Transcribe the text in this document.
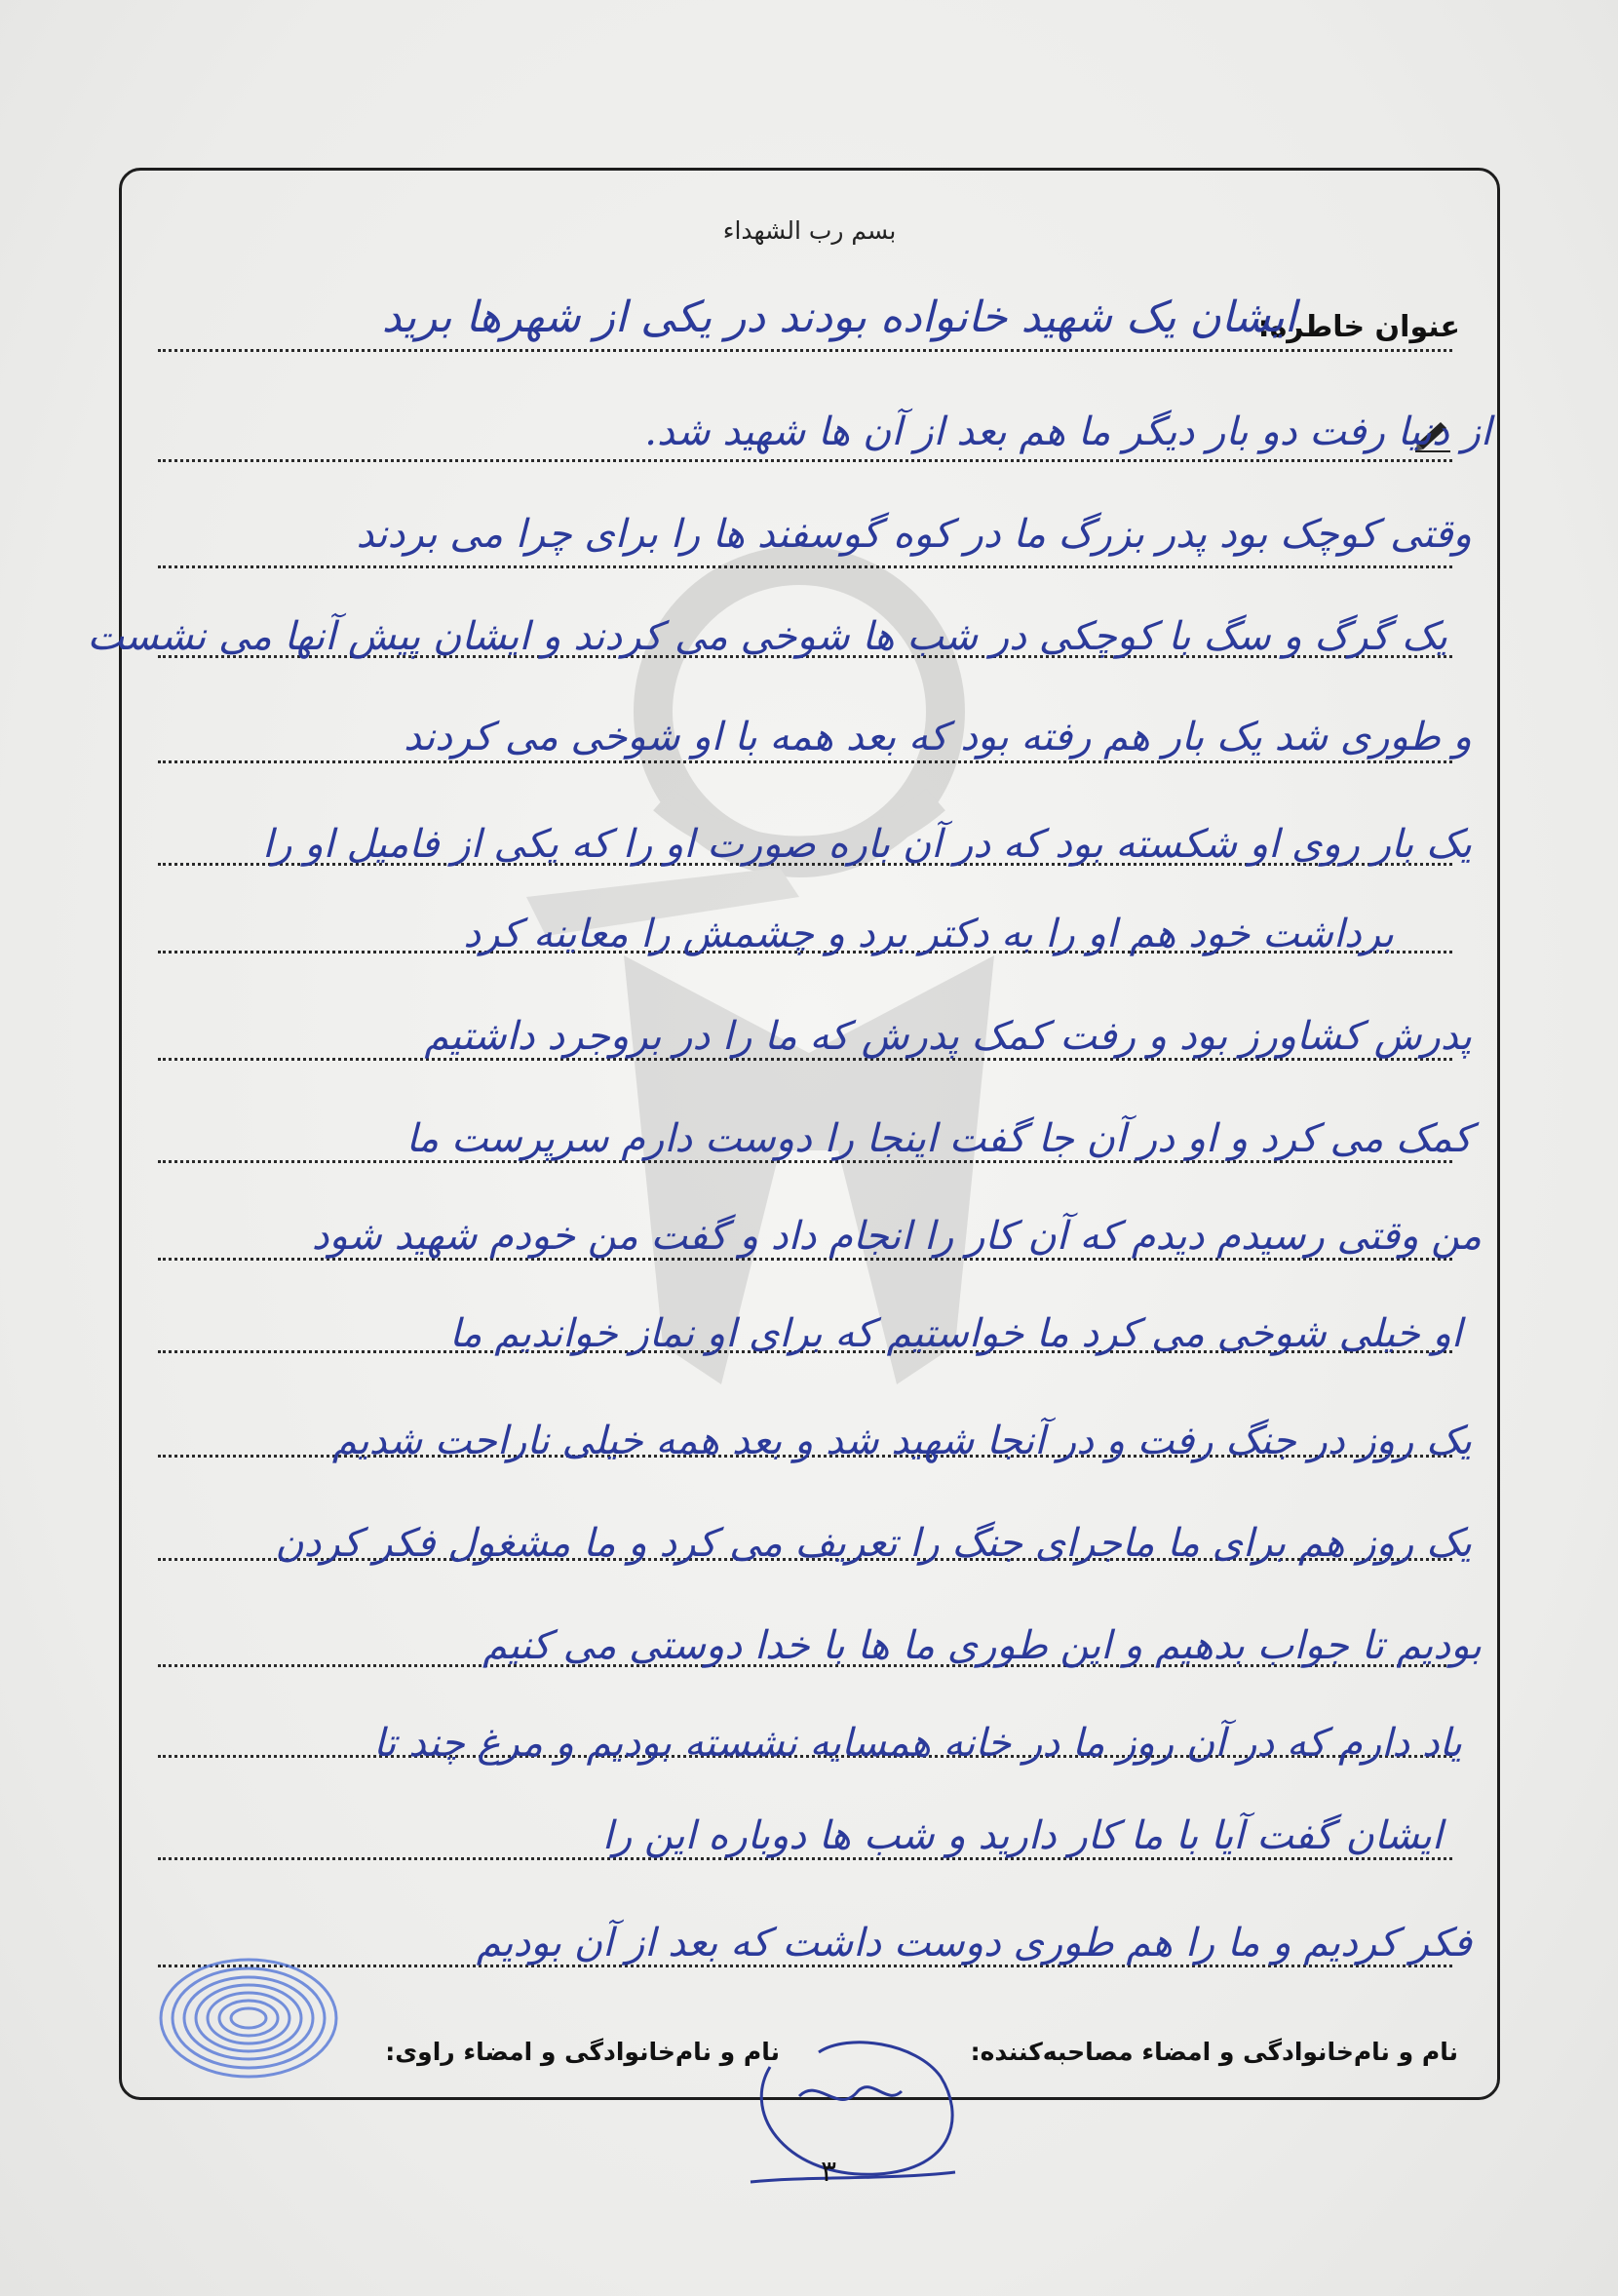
بسم رب الشهداء
عنوان خاطره:
ایشان یک شهید خانواده بودند در یکی از شهرها برید
از دنیا رفت دو بار دیگر ما هم بعد از آن ها شهید شد.
وقتی کوچک بود پدر بزرگ ما در کوه گوسفند ها را برای چرا می بردند
یک گرگ و سگ با کوچکی در شب ها شوخی می کردند و ایشان پیش آنها می نشست
و طوری شد یک بار هم رفته بود که بعد همه با او شوخی می کردند
یک بار روی او شکسته بود که در آن باره صورت او را که یکی از فامیل او را
برداشت خود هم او را به دکتر برد و چشمش را معاینه کرد
پدرش کشاورز بود و رفت کمک پدرش که ما را در بروجرد داشتیم
کمک می کرد و او در آن جا گفت اینجا را دوست دارم سرپرست ما
من وقتی رسیدم دیدم که آن کار را انجام داد و گفت من خودم شهید شود
او خیلی شوخی می کرد ما خواستیم که برای او نماز خواندیم ما
یک روز در جنگ رفت و در آنجا شهید شد و بعد همه خیلی ناراحت شدیم
یک روز هم برای ما ماجرای جنگ را تعریف می کرد و ما مشغول فکر کردن
بودیم تا جواب بدهیم و این طوری ما ها با خدا دوستی می کنیم
یاد دارم که در آن روز ما در خانه همسایه نشسته بودیم و مرغ چند تا
ایشان گفت آیا با ما کار دارید و شب ها دوباره این را
فکر کردیم و ما را هم طوری دوست داشت که بعد از آن بودیم
نام و نام‌خانوادگی و امضاء مصاحبه‌کننده:
نام و نام‌خانوادگی و امضاء راوی:
۳
